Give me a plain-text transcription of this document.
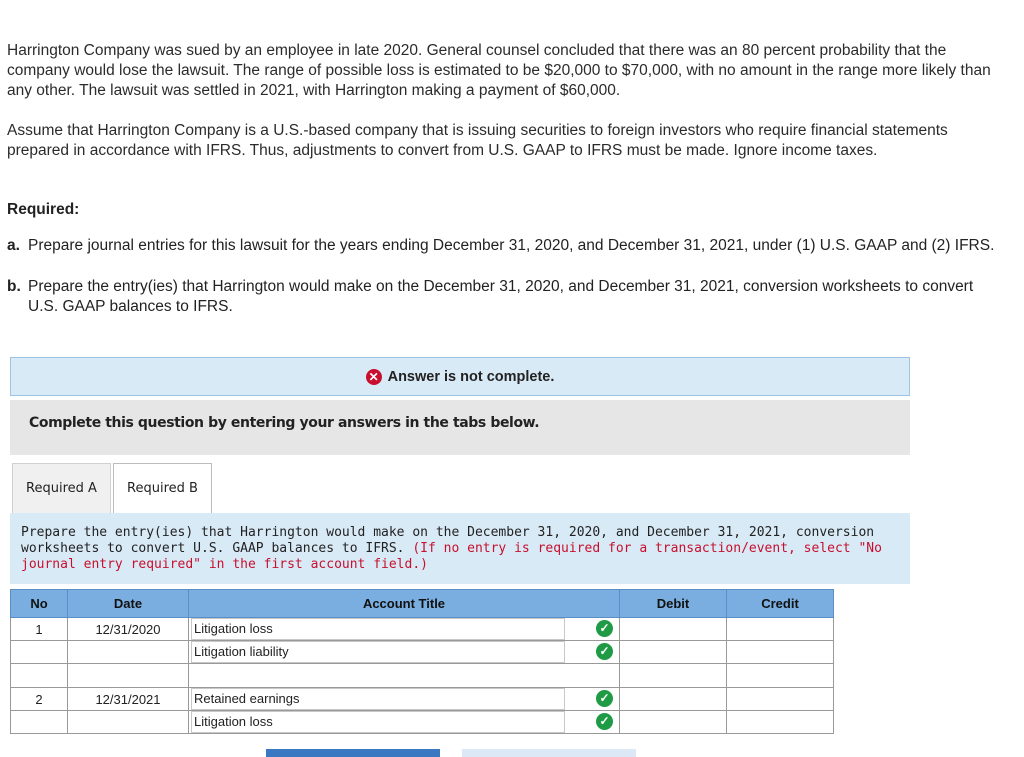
Harrington Company was sued by an employee in late 2020. General counsel concluded that there was an 80 percent probability that the company would lose the lawsuit. The range of possible loss is estimated to be $20,000 to $70,000, with no amount in the range more likely than any other. The lawsuit was settled in 2021, with Harrington making a payment of $60,000.
Assume that Harrington Company is a U.S.-based company that is issuing securities to foreign investors who require financial statements prepared in accordance with IFRS. Thus, adjustments to convert from U.S. GAAP to IFRS must be made. Ignore income taxes.
Required:
a. Prepare journal entries for this lawsuit for the years ending December 31, 2020, and December 31, 2021, under (1) U.S. GAAP and (2) IFRS.
b. Prepare the entry(ies) that Harrington would make on the December 31, 2020, and December 31, 2021, conversion worksheets to convert U.S. GAAP balances to IFRS.
✕ Answer is not complete.
Complete this question by entering your answers in the tabs below.
Required A	Required B
Prepare the entry(ies) that Harrington would make on the December 31, 2020, and December 31, 2021, conversion worksheets to convert U.S. GAAP balances to IFRS. (If no entry is required for a transaction/event, select "No journal entry required" in the first account field.)
No	Date	Account Title	Debit	Credit
1	12/31/2020	Litigation loss ✓		

		Litigation liability ✓		

2	12/31/2021	Retained earnings ✓		

		Litigation loss ✓		
